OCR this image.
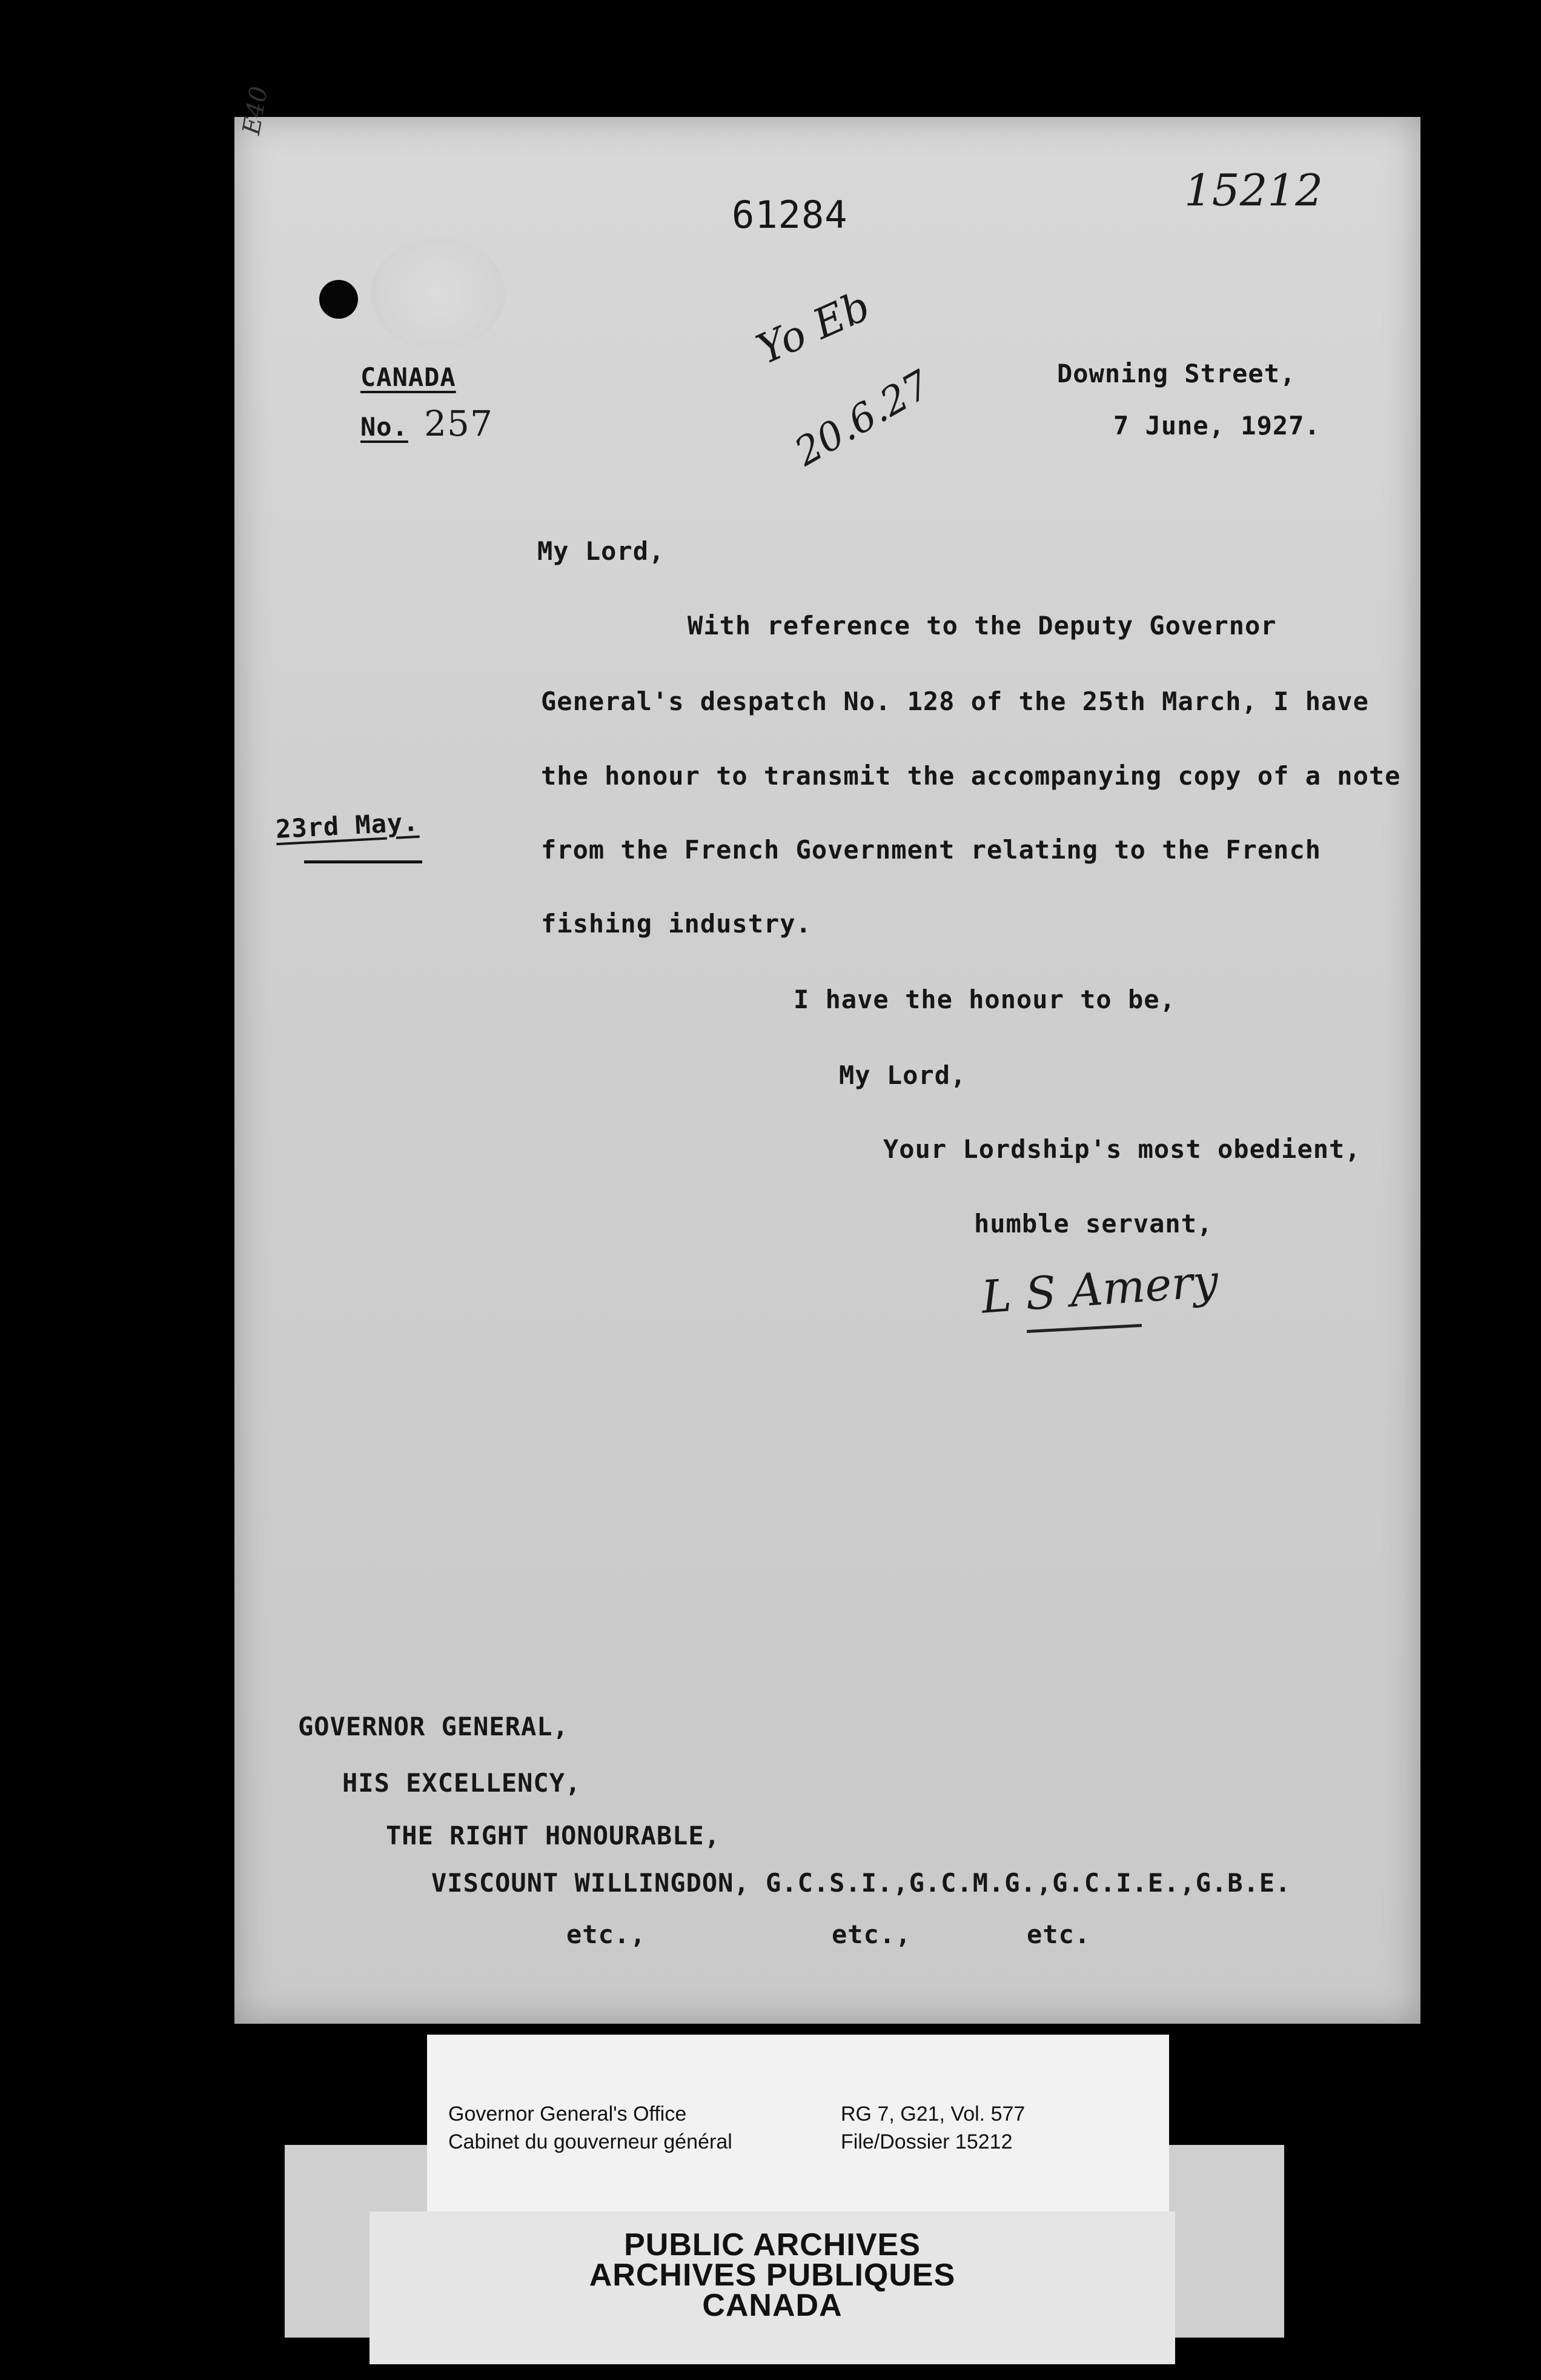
E40
61284	15212
Yo Eb
20.6.27
CANADA
No. 257
Downing Street,
7 June, 1927.
23rd May.
My Lord,
With reference to the Deputy Governor
General's despatch No. 128 of the 25th March, I have
the honour to transmit the accompanying copy of a note
from the French Government relating to the French
fishing industry.
I have the honour to be,
My Lord,
Your Lordship's most obedient,
humble servant,
L S Amery
GOVERNOR GENERAL,
HIS EXCELLENCY,
THE RIGHT HONOURABLE,
VISCOUNT WILLINGDON, G.C.S.I.,G.C.M.G.,G.C.I.E.,G.B.E.
etc.,	etc.,	etc.
Governor General's Office
Cabinet du gouverneur général
RG 7, G21, Vol. 577
File/Dossier 15212
PUBLIC ARCHIVES
ARCHIVES PUBLIQUES
CANADA
